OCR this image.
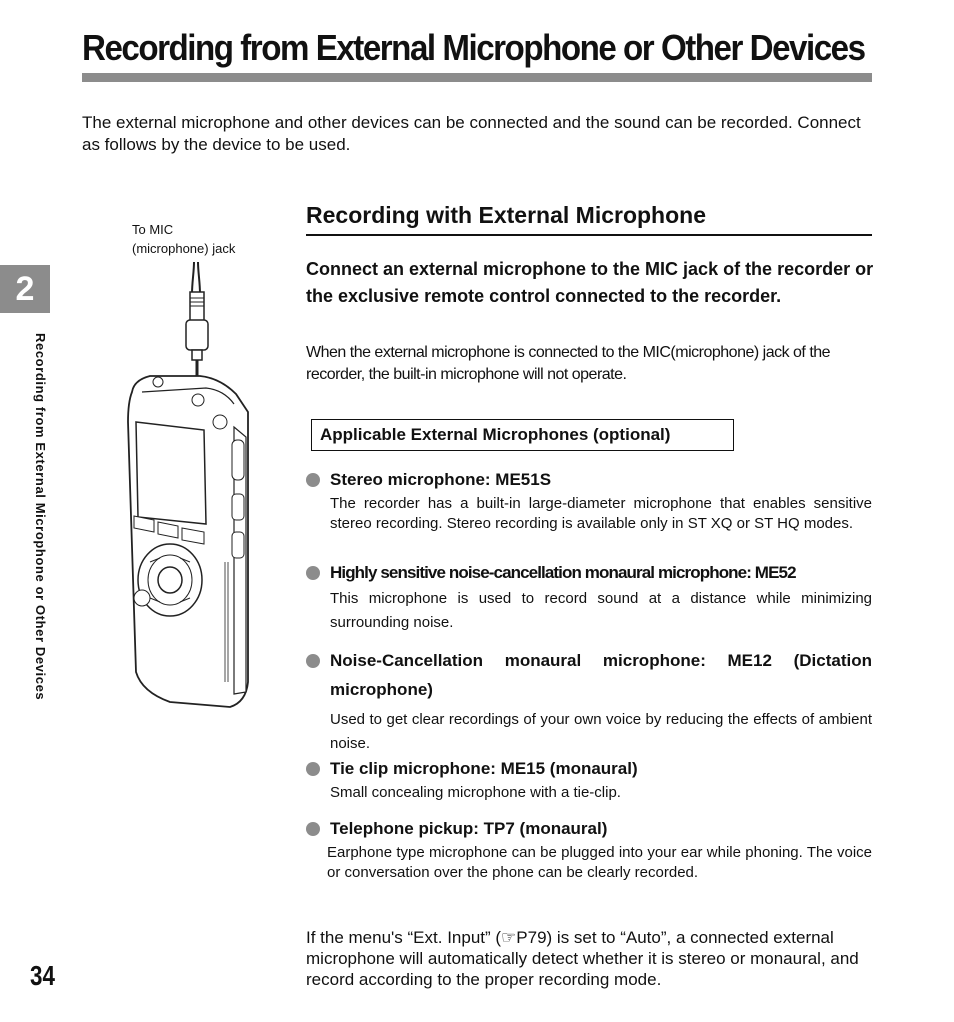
Recording from External Microphone or Other Devices
The external microphone and other devices can be connected and the sound can be recorded. Connect as follows by the device to be used.
2
Recording from External Microphone or Other Devices
34
To MIC
(microphone) jack
Recording with External Microphone
Connect an external microphone to the MIC jack of the recorder or the exclusive remote control connected to the recorder.
When the external microphone is connected to the MIC(microphone) jack of the recorder, the built-in microphone will not operate.
Applicable External Microphones (optional)
Stereo microphone: ME51S
The recorder has a built-in large-diameter microphone that enables sensitive stereo recording. Stereo recording is available only in ST XQ or ST HQ modes.
Highly sensitive noise-cancellation monaural microphone: ME52
This microphone is used to record sound at a distance while minimizing surrounding noise.
Noise-Cancellation monaural microphone: ME12 (Dictation microphone)
Used to get clear recordings of your own voice by reducing the effects of ambient noise.
Tie clip microphone: ME15 (monaural)
Small concealing microphone with a tie-clip.
Telephone pickup: TP7 (monaural)
Earphone type microphone can be plugged into your ear while phoning. The voice or conversation over the phone can be clearly recorded.
If the menu's “Ext. Input” (☞P79) is set to “Auto”, a connected external microphone will automatically detect whether it is stereo or monaural, and record according to the proper recording mode.
